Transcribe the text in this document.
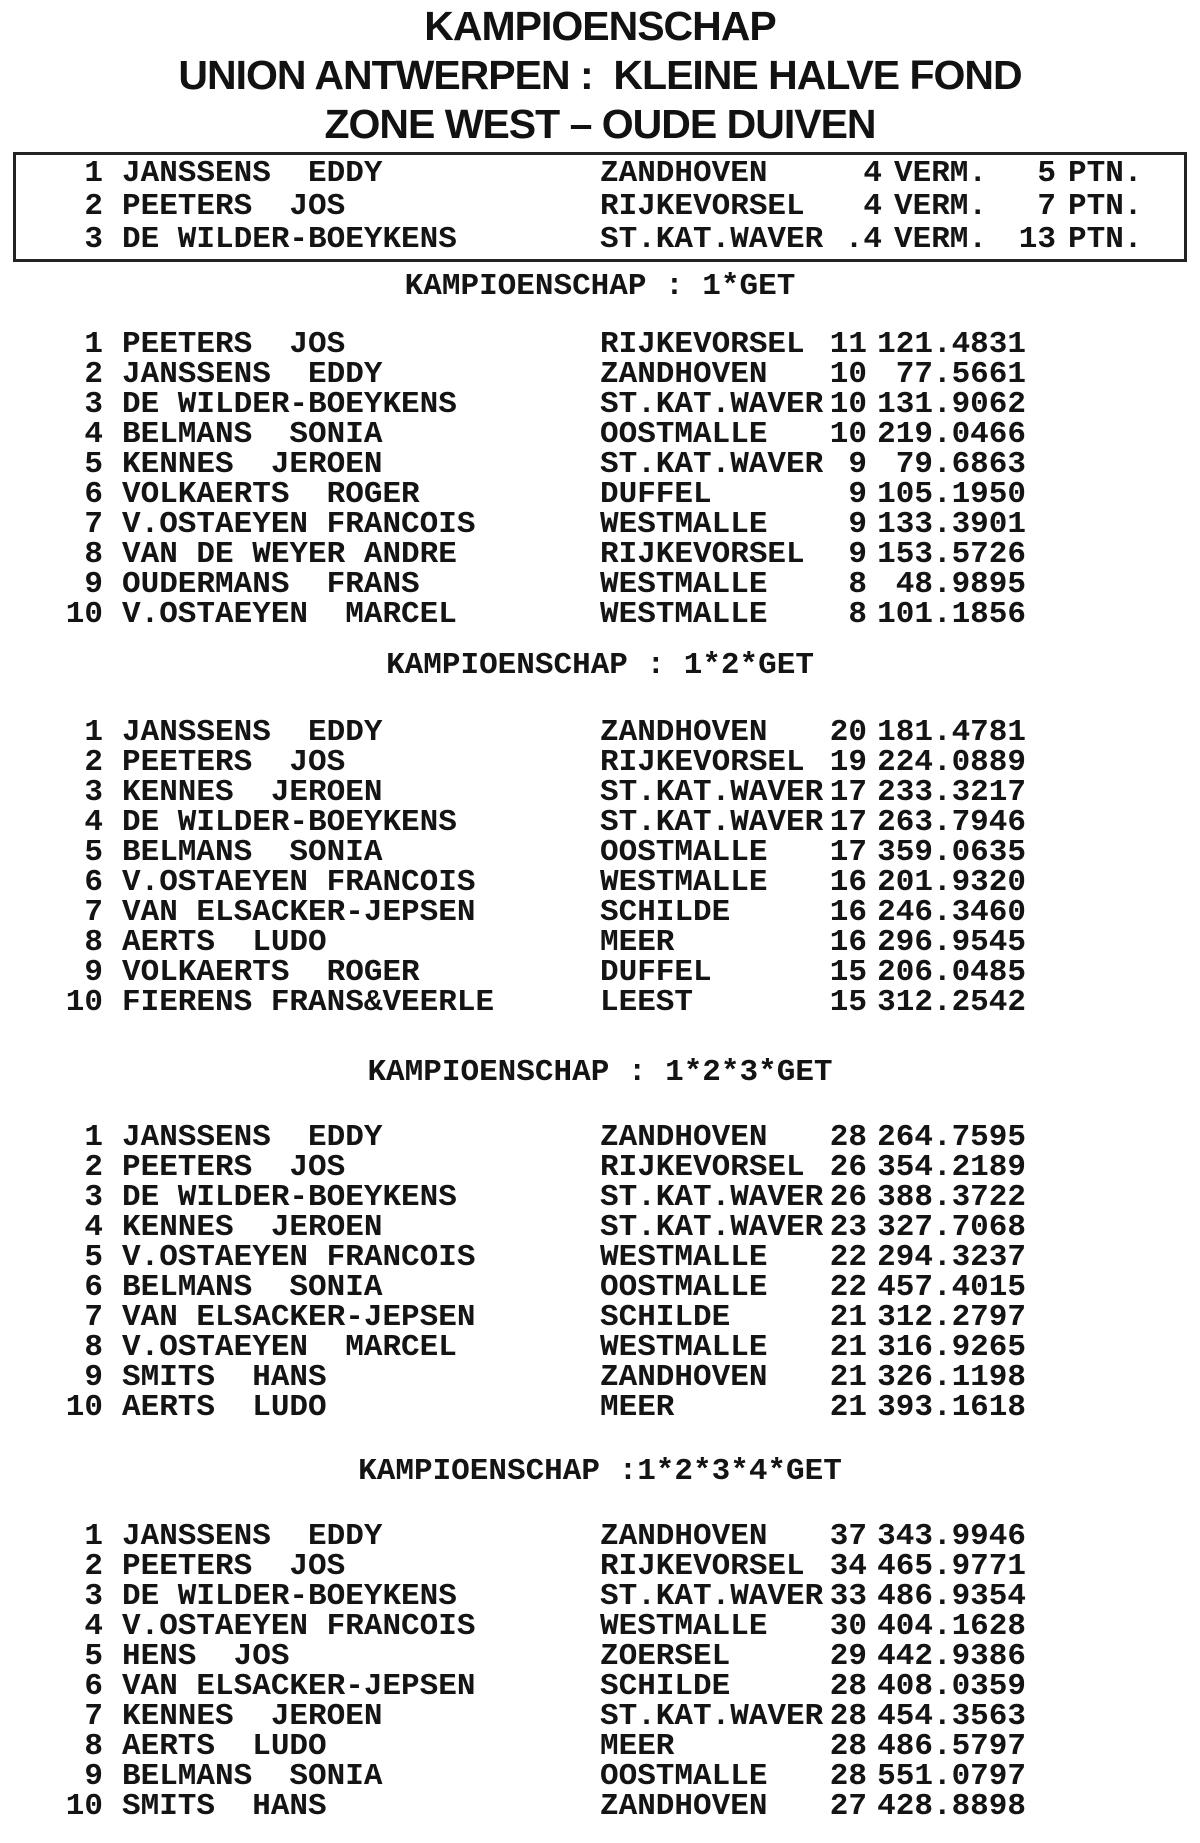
KAMPIOENSCHAP
UNION ANTWERPEN :  KLEINE HALVE FOND
ZONE WEST – OUDE DUIVEN
1 JANSSENS  EDDY	ZANDHOVEN	4 VERM.	5 PTN.
2 PEETERS  JOS	RIJKEVORSEL	4 VERM.	7 PTN.
3 DE WILDER-BOEYKENS	ST.KAT.WAVER .4 VERM.	13 PTN.
KAMPIOENSCHAP : 1*GET
1 PEETERS  JOS	RIJKEVORSEL 11 121.4831
2 JANSSENS  EDDY	ZANDHOVEN	10 77.5661
3 DE WILDER-BOEYKENS	ST.KAT.WAVER 10 131.9062
4 BELMANS  SONIA	OOSTMALLE	10 219.0466
5 KENNES  JEROEN	ST.KAT.WAVER 9 79.6863
6 VOLKAERTS  ROGER	DUFFEL	9 105.1950
7 V.OSTAEYEN FRANCOIS	WESTMALLE	9 133.3901
8 VAN DE WEYER ANDRE	RIJKEVORSEL	9 153.5726
9 OUDERMANS  FRANS	WESTMALLE	8 48.9895
10 V.OSTAEYEN  MARCEL	WESTMALLE	8 101.1856
KAMPIOENSCHAP : 1*2*GET
1 JANSSENS  EDDY	ZANDHOVEN	20 181.4781
2 PEETERS  JOS	RIJKEVORSEL 19 224.0889
3 KENNES  JEROEN	ST.KAT.WAVER 17 233.3217
4 DE WILDER-BOEYKENS	ST.KAT.WAVER 17 263.7946
5 BELMANS  SONIA	OOSTMALLE	17 359.0635
6 V.OSTAEYEN FRANCOIS	WESTMALLE	16 201.9320
7 VAN ELSACKER-JEPSEN	SCHILDE	16 246.3460
8 AERTS  LUDO	MEER	16 296.9545
9 VOLKAERTS  ROGER	DUFFEL	15 206.0485
10 FIERENS FRANS&VEERLE	LEEST	15 312.2542
KAMPIOENSCHAP : 1*2*3*GET
1 JANSSENS  EDDY	ZANDHOVEN	28 264.7595
2 PEETERS  JOS	RIJKEVORSEL 26 354.2189
3 DE WILDER-BOEYKENS	ST.KAT.WAVER 26 388.3722
4 KENNES  JEROEN	ST.KAT.WAVER 23 327.7068
5 V.OSTAEYEN FRANCOIS	WESTMALLE	22 294.3237
6 BELMANS  SONIA	OOSTMALLE	22 457.4015
7 VAN ELSACKER-JEPSEN	SCHILDE	21 312.2797
8 V.OSTAEYEN  MARCEL	WESTMALLE	21 316.9265
9 SMITS  HANS	ZANDHOVEN	21 326.1198
10 AERTS  LUDO	MEER	21 393.1618
KAMPIOENSCHAP :1*2*3*4*GET
1 JANSSENS  EDDY	ZANDHOVEN	37 343.9946
2 PEETERS  JOS	RIJKEVORSEL 34 465.9771
3 DE WILDER-BOEYKENS	ST.KAT.WAVER 33 486.9354
4 V.OSTAEYEN FRANCOIS	WESTMALLE	30 404.1628
5 HENS  JOS	ZOERSEL	29 442.9386
6 VAN ELSACKER-JEPSEN	SCHILDE	28 408.0359
7 KENNES  JEROEN	ST.KAT.WAVER 28 454.3563
8 AERTS  LUDO	MEER	28 486.5797
9 BELMANS  SONIA	OOSTMALLE	28 551.0797
10 SMITS  HANS	ZANDHOVEN	27 428.8898
